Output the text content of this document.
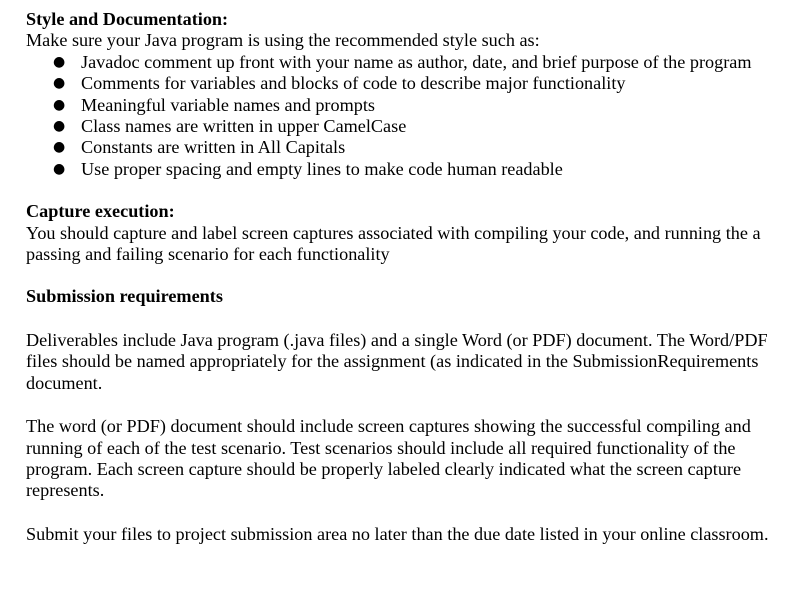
Style and Documentation:

Make sure your Java program is using the recommended style such as:

● Javadoc comment up front with your name as author, date, and brief purpose of the program
● Comments for variables and blocks of code to describe major functionality
● Meaningful variable names and prompts
● Class names are written in upper CamelCase
● Constants are written in All Capitals
● Use proper spacing and empty lines to make code human readable

Capture execution:

You should capture and label screen captures associated with compiling your code, and running the a passing and failing scenario for each functionality

Submission requirements

Deliverables include Java program (.java files) and a single Word (or PDF) document. The Word/PDF files should be named appropriately for the assignment (as indicated in the SubmissionRequirements document.

The word (or PDF) document should include screen captures showing the successful compiling and running of each of the test scenario. Test scenarios should include all required functionality of the program. Each screen capture should be properly labeled clearly indicated what the screen capture represents.

Submit your files to project submission area no later than the due date listed in your online classroom.
